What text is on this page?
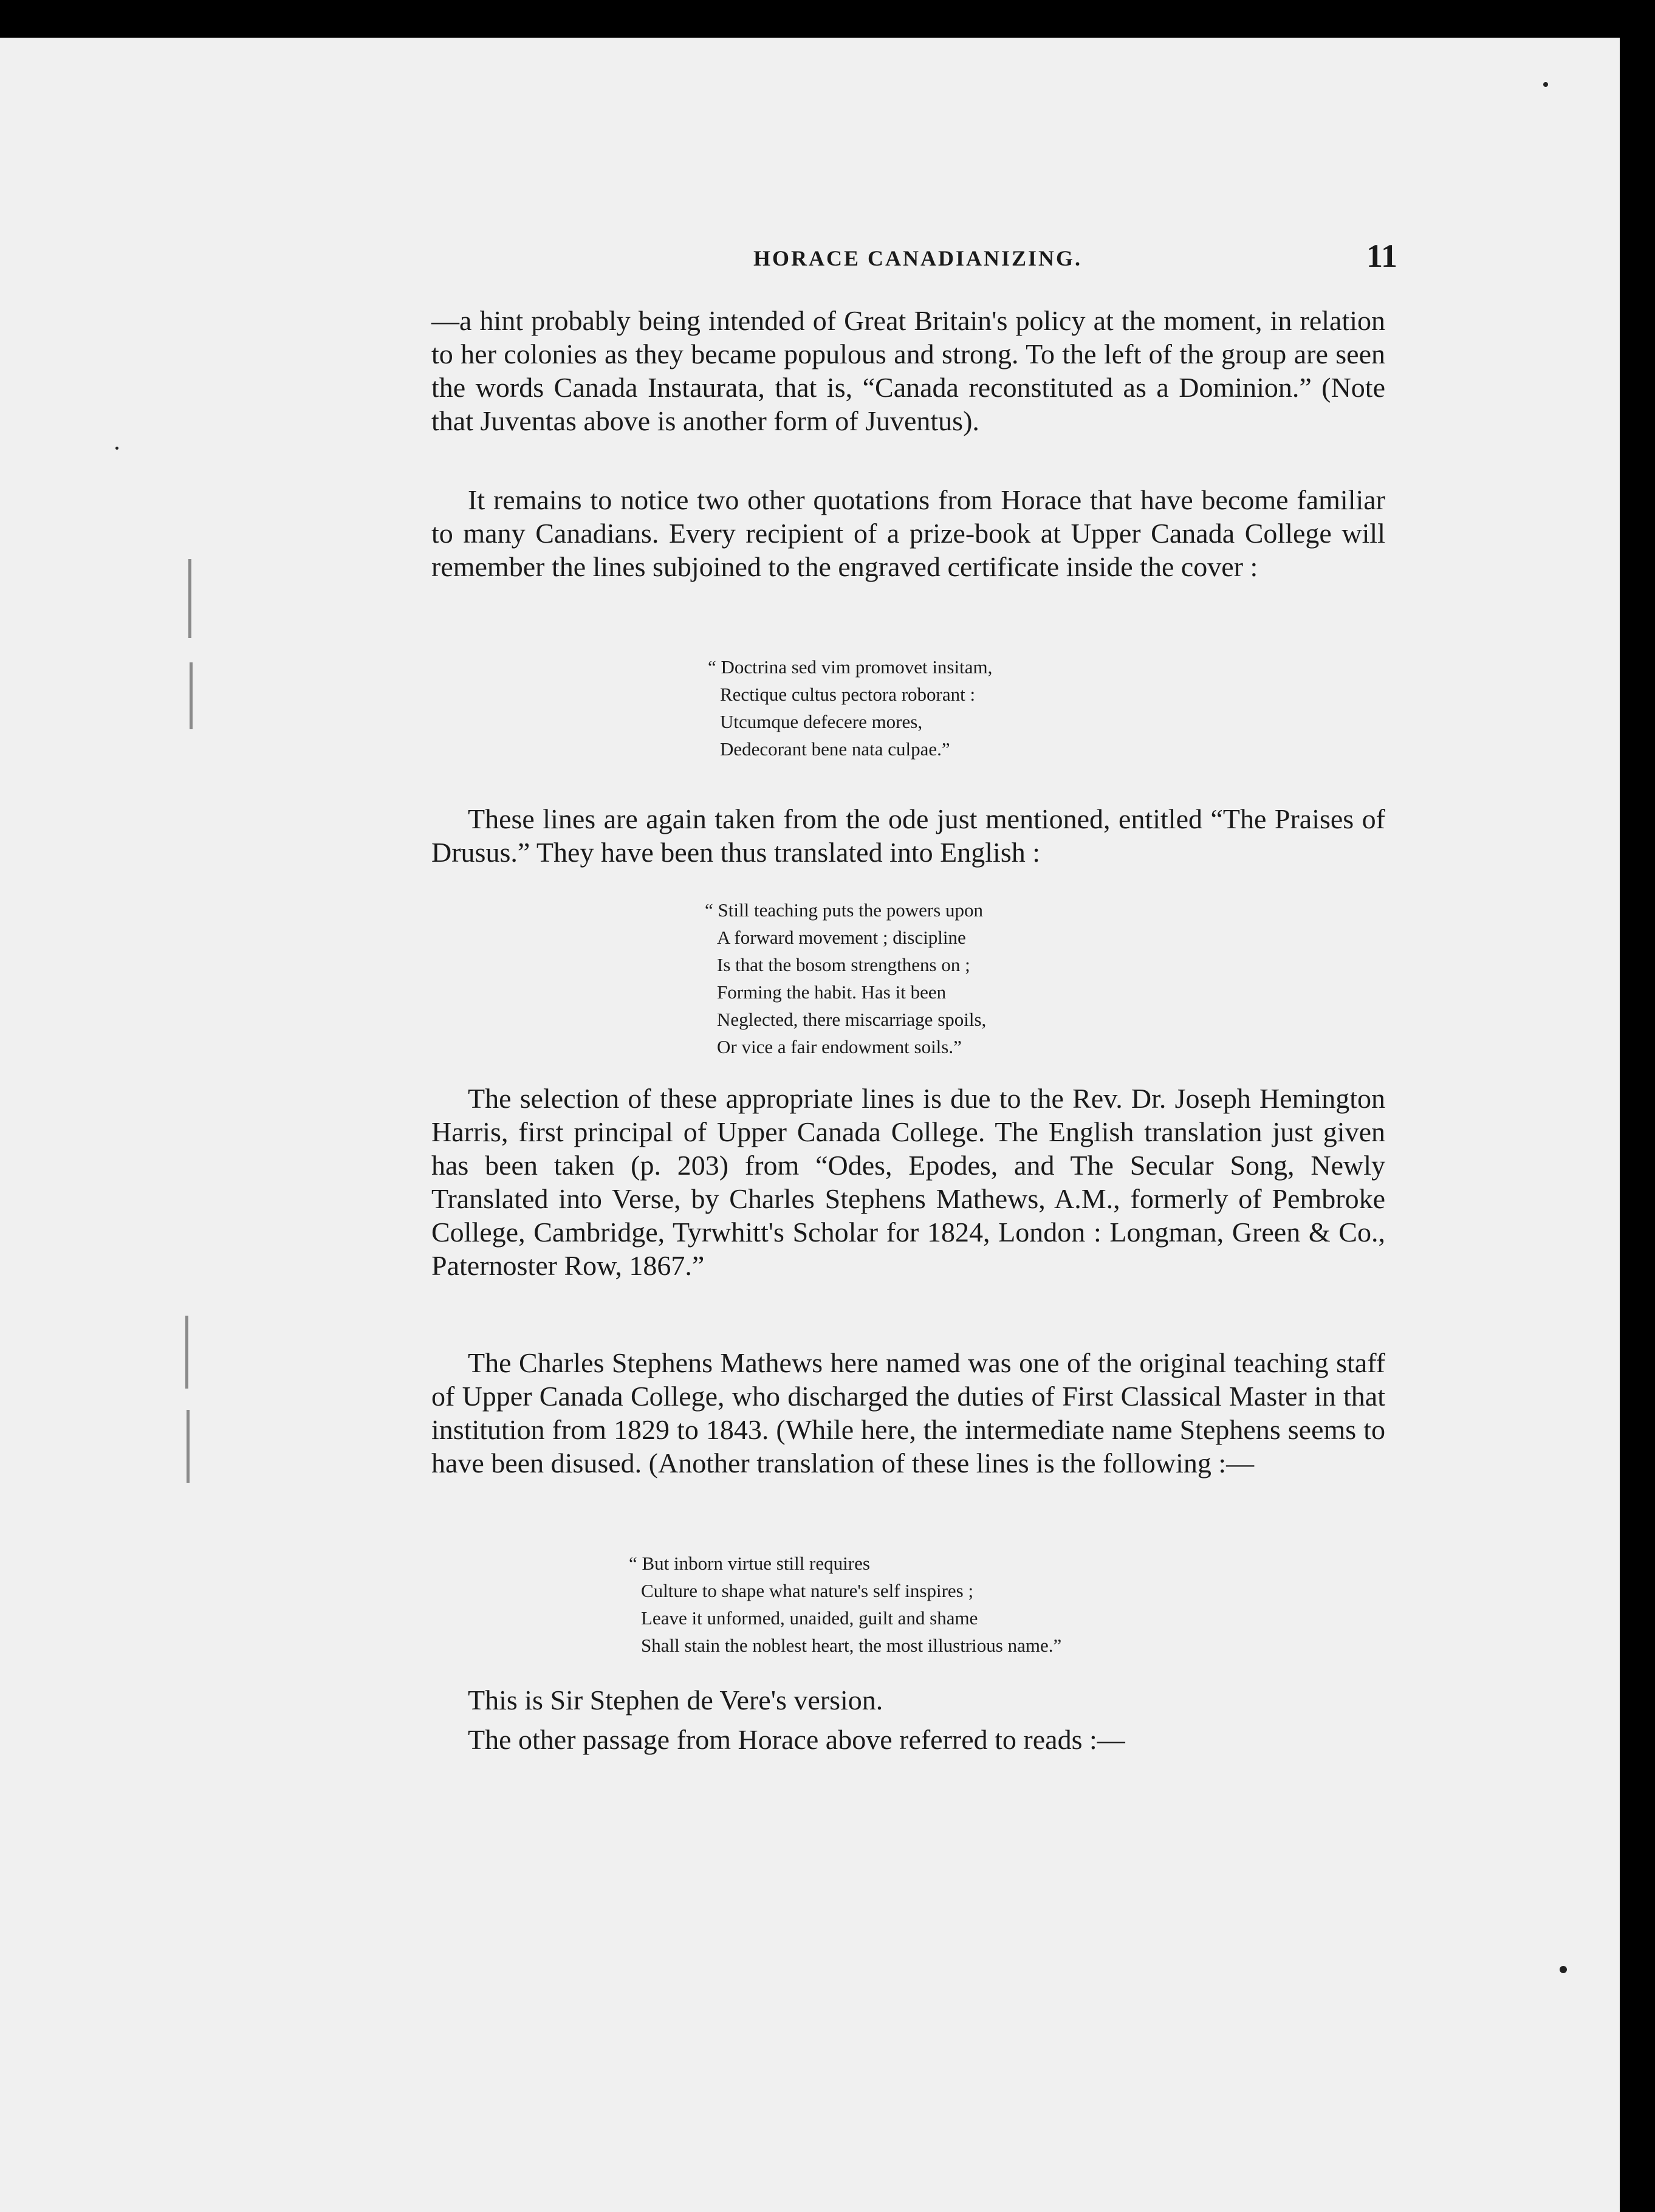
HORACE CANADIANIZING.	11

—a hint probably being intended of Great Britain's policy at the moment, in relation to her colonies as they became populous and strong. To the left of the group are seen the words Canada Instaurata, that is, “Canada reconstituted as a Dominion.” (Note that Juventas above is another form of Juventus).

It remains to notice two other quotations from Horace that have become familiar to many Canadians. Every recipient of a prize-book at Upper Canada College will remember the lines subjoined to the engraved certificate inside the cover :

“ Doctrina sed vim promovet insitam,
Rectique cultus pectora roborant :
Utcumque defecere mores,
Dedecorant bene nata culpae.”

These lines are again taken from the ode just mentioned, entitled “The Praises of Drusus.” They have been thus translated into English :

“ Still teaching puts the powers upon
A forward movement ; discipline
Is that the bosom strengthens on ;
Forming the habit. Has it been
Neglected, there miscarriage spoils,
Or vice a fair endowment soils.”

The selection of these appropriate lines is due to the Rev. Dr. Joseph Hemington Harris, first principal of Upper Canada College. The English translation just given has been taken (p. 203) from “Odes, Epodes, and The Secular Song, Newly Translated into Verse, by Charles Stephens Mathews, A.M., formerly of Pembroke College, Cambridge, Tyrwhitt's Scholar for 1824, London : Longman, Green & Co., Paternoster Row, 1867.”

The Charles Stephens Mathews here named was one of the original teaching staff of Upper Canada College, who discharged the duties of First Classical Master in that institution from 1829 to 1843. (While here, the intermediate name Stephens seems to have been disused. (Another translation of these lines is the following :—

“ But inborn virtue still requires
Culture to shape what nature's self inspires ;
Leave it unformed, unaided, guilt and shame
Shall stain the noblest heart, the most illustrious name.”

This is Sir Stephen de Vere's version.

The other passage from Horace above referred to reads :—
